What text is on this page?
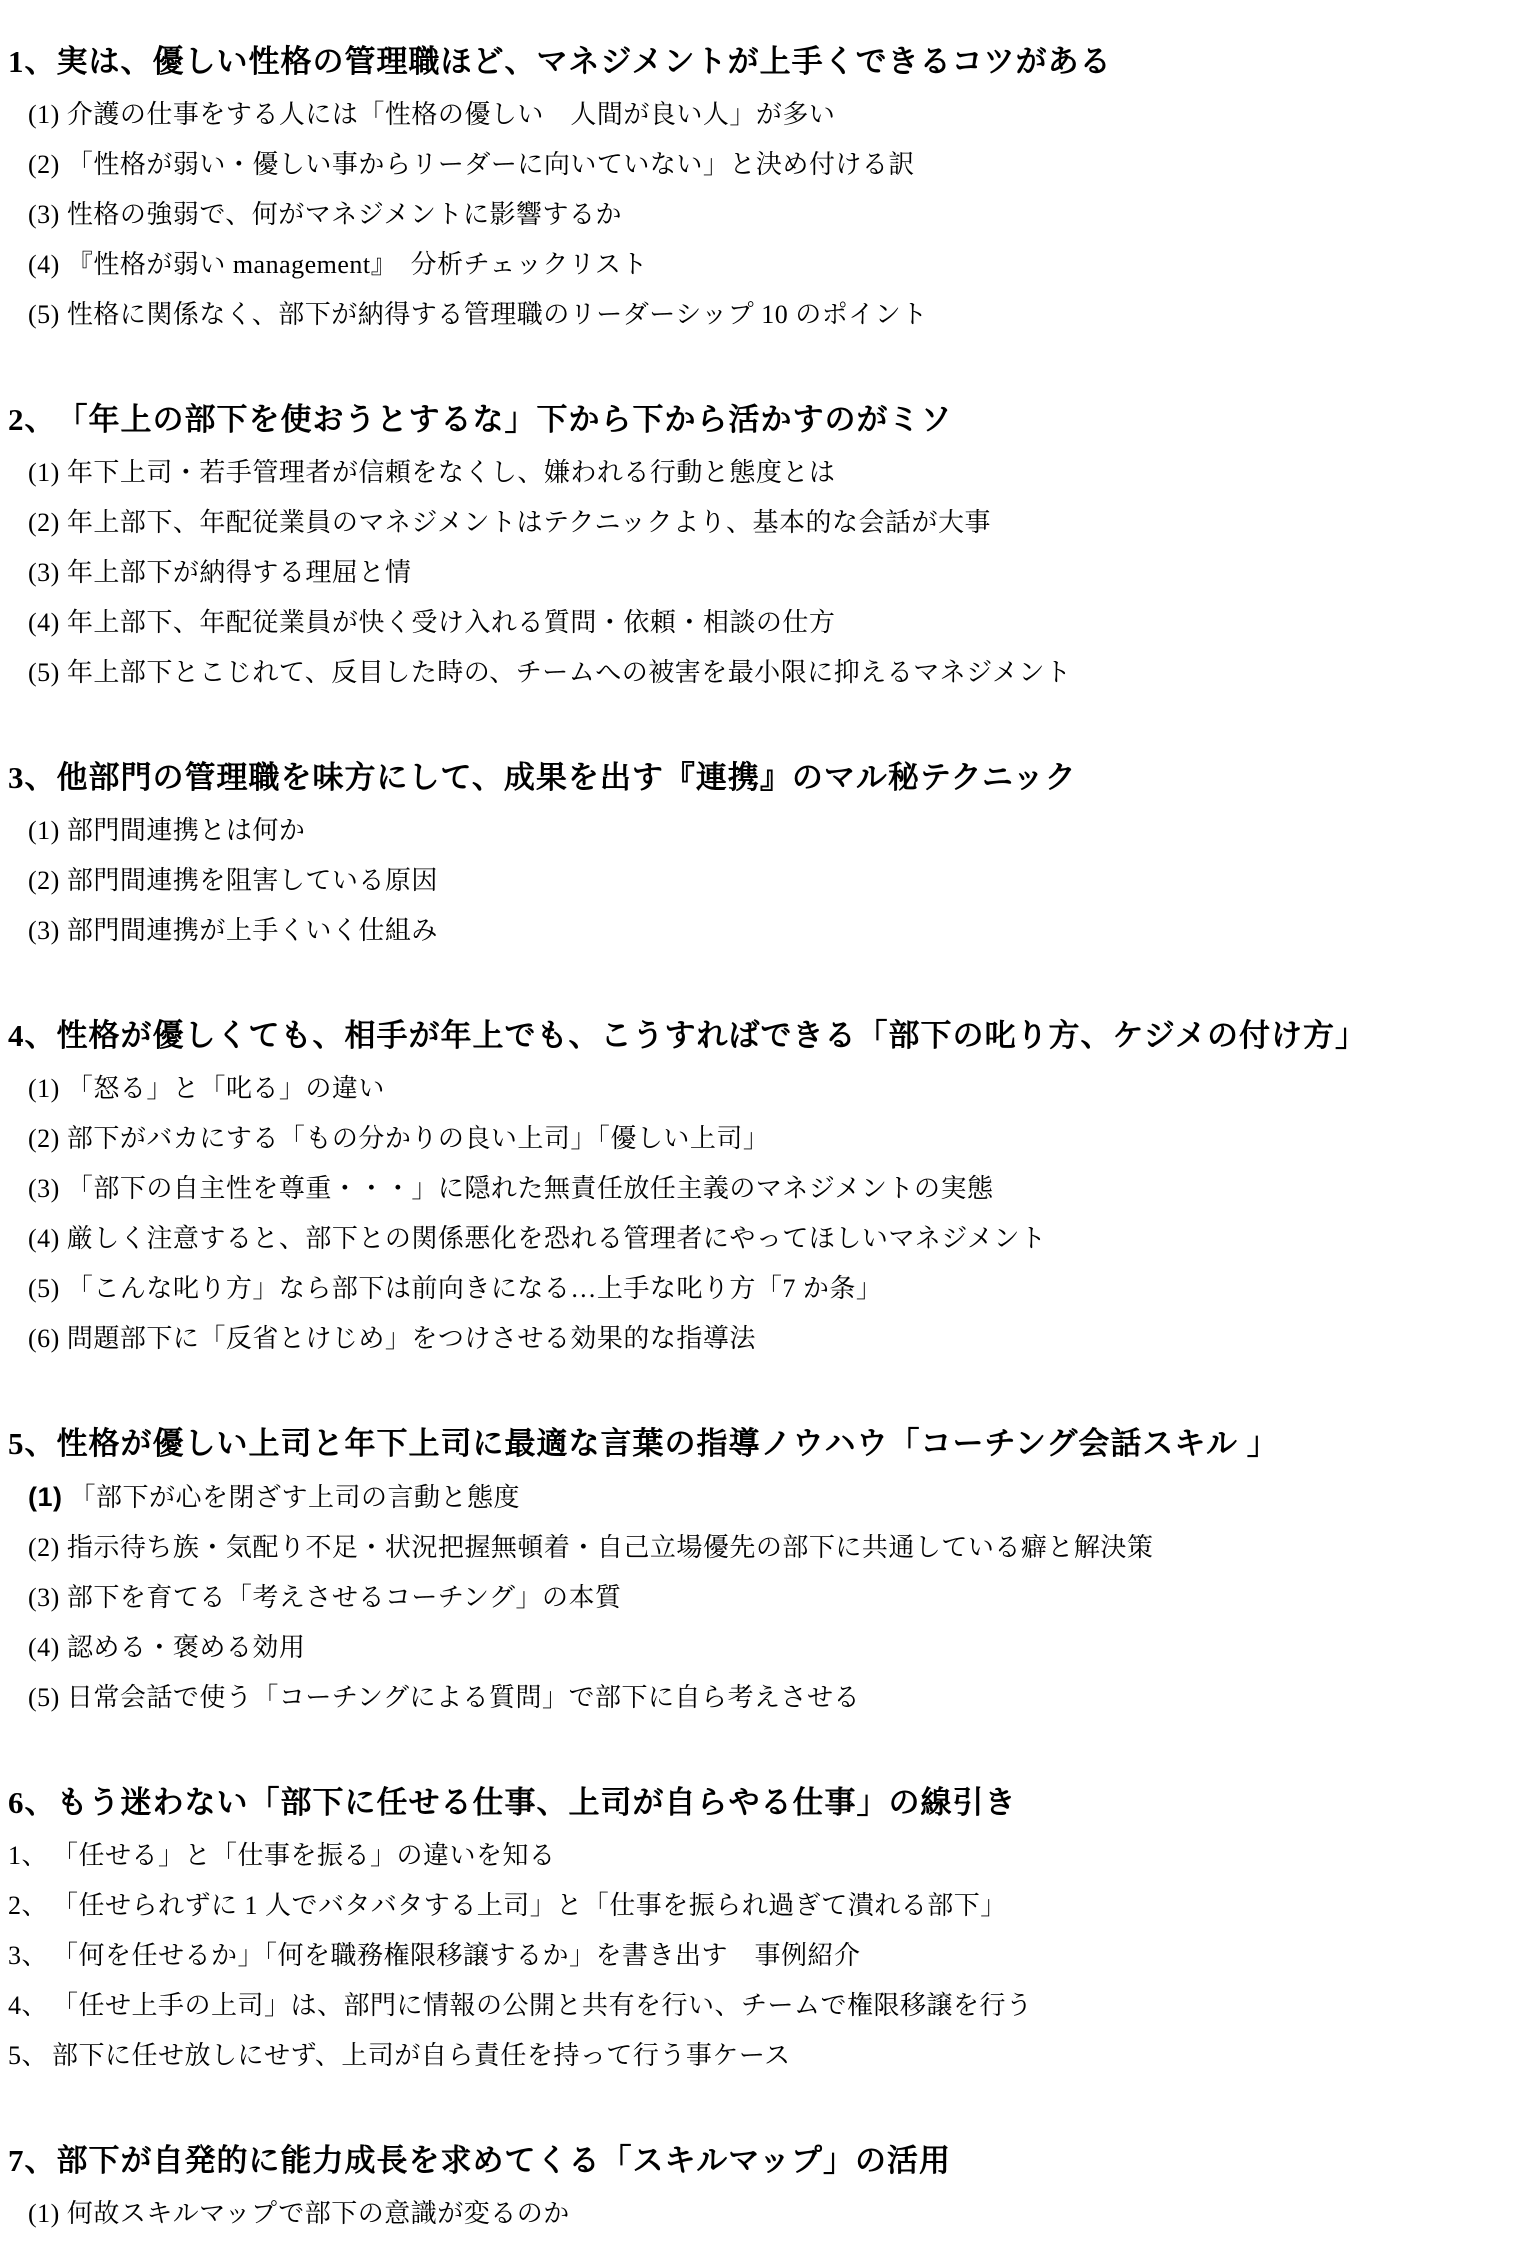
1、 実は、優しい性格の管理職ほど、マネジメントが上手くできるコツがある
(1) 介護の仕事をする人には「性格の優しい　人間が良い人」が多い
(2) 「性格が弱い・優しい事からリーダーに向いていない」と決め付ける訳
(3) 性格の強弱で、何がマネジメントに影響するか
(4) 『性格が弱い management』　分析チェックリスト
(5) 性格に関係なく、部下が納得する管理職のリーダーシップ 10 のポイント
2、 「年上の部下を使おうとするな」下から下から活かすのがミソ
(1) 年下上司・若手管理者が信頼をなくし、嫌われる行動と態度とは
(2) 年上部下、年配従業員のマネジメントはテクニックより、基本的な会話が大事
(3) 年上部下が納得する理屈と情
(4) 年上部下、年配従業員が快く受け入れる質問・依頼・相談の仕方
(5) 年上部下とこじれて、反目した時の、チームへの被害を最小限に抑えるマネジメント
3、 他部門の管理職を味方にして、成果を出す『連携』のマル秘テクニック
(1) 部門間連携とは何か
(2) 部門間連携を阻害している原因
(3) 部門間連携が上手くいく仕組み
4、 性格が優しくても、相手が年上でも、こうすればできる「部下の叱り方、ケジメの付け方」
(1) 「怒る」と「叱る」の違い
(2) 部下がバカにする「もの分かりの良い上司」「優しい上司」
(3) 「部下の自主性を尊重・・・」に隠れた無責任放任主義のマネジメントの実態
(4) 厳しく注意すると、部下との関係悪化を恐れる管理者にやってほしいマネジメント
(5) 「こんな叱り方」なら部下は前向きになる…上手な叱り方「7 か条」
(6) 問題部下に「反省とけじめ」をつけさせる効果的な指導法
5、 性格が優しい上司と年下上司に最適な言葉の指導ノウハウ「コーチング会話スキル 」
(1) 「部下が心を閉ざす上司の言動と態度
(2) 指示待ち族・気配り不足・状況把握無頓着・自己立場優先の部下に共通している癖と解決策
(3) 部下を育てる「考えさせるコーチング」の本質
(4) 認める・褒める効用
(5) 日常会話で使う「コーチングによる質問」で部下に自ら考えさせる
6、 もう迷わない「部下に任せる仕事、上司が自らやる仕事」の線引き
1、 「任せる」と「仕事を振る」の違いを知る
2、 「任せられずに 1 人でバタバタする上司」と「仕事を振られ過ぎて潰れる部下」
3、 「何を任せるか」「何を職務権限移譲するか」を書き出す　事例紹介
4、 「任せ上手の上司」は、部門に情報の公開と共有を行い、チームで権限移譲を行う
5、 部下に任せ放しにせず、上司が自ら責任を持って行う事ケース
7、 部下が自発的に能力成長を求めてくる「スキルマップ」の活用
(1) 何故スキルマップで部下の意識が変るのか
